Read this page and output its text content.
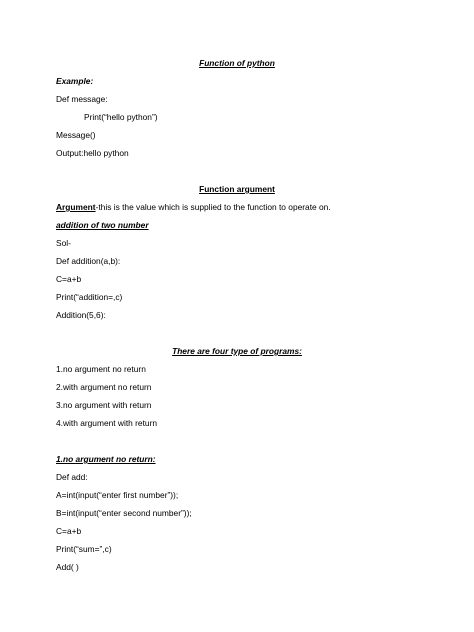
Function of python
Example:
Def message:
Print(“hello python”)
Message()
Output:hello python
Function argument
Argument-this is the value which is supplied to the function to operate on.
addition of two number
Sol-
Def addition(a,b):
C=a+b
Print(“addition=,c)
Addition(5,6):
There are four type of programs:
1.no argument no return
2.with argument no return
3.no argument with return
4.with argument with return
1.no argument no return:
Def add:
A=int(input(“enter first number”));
B=int(input(“enter second number”));
C=a+b
Print(“sum=”,c)
Add( )
